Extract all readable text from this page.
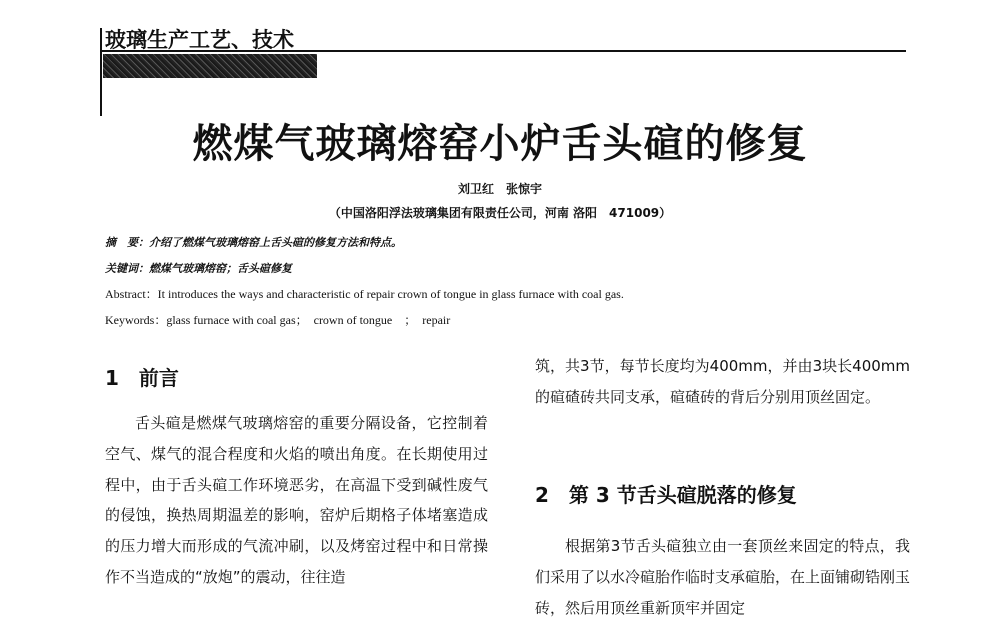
玻璃生产工艺、技术
燃煤气玻璃熔窑小炉舌头碹的修复
刘卫红　张惊宇
（中国洛阳浮法玻璃集团有限责任公司，河南 洛阳　471009）
摘　要：介绍了燃煤气玻璃熔窑上舌头碹的修复方法和特点。
关键词：燃煤气玻璃熔窑；舌头碹修复
Abstract：It introduces the ways and characteristic of repair crown of tongue in glass furnace with coal gas.
Keywords：glass furnace with coal gas；　crown of tongue　；　repair
1　前言
舌头碹是燃煤气玻璃熔窑的重要分隔设备，它控制着空气、煤气的混合程度和火焰的喷出角度。在长期使用过程中，由于舌头碹工作环境恶劣，在高温下受到碱性废气的侵蚀，换热周期温差的影响，窑炉后期格子体堵塞造成的压力增大而形成的气流冲刷，以及烤窑过程中和日常操作不当造成的“放炮”的震动，往往造
筑，共3节，每节长度均为400mm，并由3块长400mm的碹碴砖共同支承，碹碴砖的背后分别用顶丝固定。
2　第 3 节舌头碹脱落的修复
根据第3节舌头碹独立由一套顶丝来固定的特点，我们采用了以水冷碹胎作临时支承碹胎，在上面铺砌锆刚玉砖，然后用顶丝重新顶牢并固定
